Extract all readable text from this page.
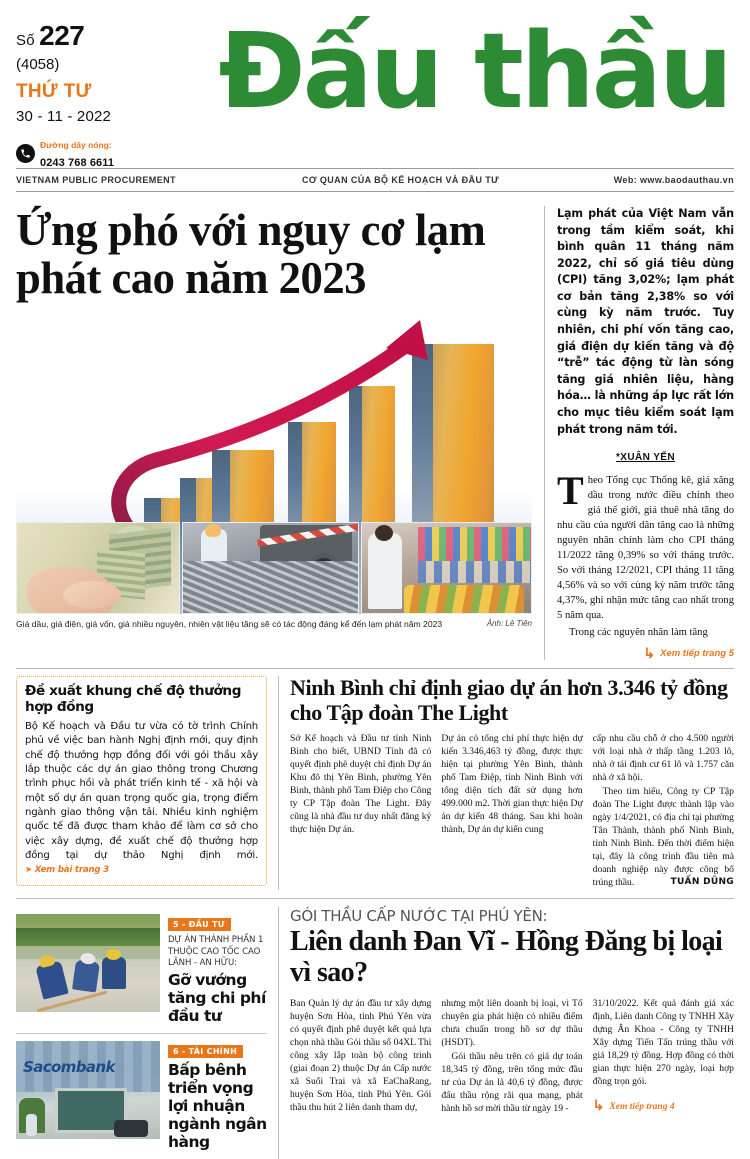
Số 227
(4058)
THỨ TƯ
30 - 11 - 2022
Đường dây nóng:
0243 768 6611
Đấu thầu
VIETNAM PUBLIC PROCUREMENT	CƠ QUAN CỦA BỘ KẾ HOẠCH VÀ ĐẦU TƯ	Web: www.baodauthau.vn
Ứng phó với nguy cơ lạm phát cao năm 2023
Giá dầu, giá điện, giá vốn, giá nhiều nguyên, nhiên vật liệu tăng sẽ có tác động đáng kể đến lạm phát năm 2023	Ảnh: Lê Tiên
Lạm phát của Việt Nam vẫn trong tầm kiểm soát, khi bình quân 11 tháng năm 2022, chỉ số giá tiêu dùng (CPI) tăng 3,02%; lạm phát cơ bản tăng 2,38% so với cùng kỳ năm trước. Tuy nhiên, chi phí vốn tăng cao, giá điện dự kiến tăng và độ “trễ” tác động từ làn sóng tăng giá nhiên liệu, hàng hóa… là những áp lực rất lớn cho mục tiêu kiểm soát lạm phát trong năm tới.
*XUÂN YẾN

Theo Tổng cục Thống kê, giá xăng dầu trong nước điều chỉnh theo giá thế giới, giá thuê nhà tăng do nhu cầu của người dân tăng cao là những nguyên nhân chính làm cho CPI tháng 11/2022 tăng 0,39% so với tháng trước. So với tháng 12/2021, CPI tháng 11 tăng 4,56% và so với cùng kỳ năm trước tăng 4,37%, ghi nhận mức tăng cao nhất trong 5 năm qua.

Trong các nguyên nhân làm tăng

↳ Xem tiếp trang 5
Đề xuất khung chế độ thưởng hợp đồng

Bộ Kế hoạch và Đầu tư vừa có tờ trình Chính phủ về việc ban hành Nghị định mới, quy định chế độ thưởng hợp đồng đối với gói thầu xây lắp thuộc các dự án giao thông trong Chương trình phục hồi và phát triển kinh tế - xã hội và một số dự án quan trọng quốc gia, trọng điểm ngành giao thông vận tải. Nhiều kinh nghiệm quốc tế đã được tham khảo để làm cơ sở cho việc xây dựng, đề xuất chế độ thưởng hợp đồng tại dự thảo Nghị định mới. ➤ Xem bài trang 3

Ninh Bình chỉ định giao dự án hơn 3.346 tỷ đồng cho Tập đoàn The Light

Sở Kế hoạch và Đầu tư tỉnh Ninh Bình cho biết, UBND Tỉnh đã có quyết định phê duyệt chỉ định Dự án Khu đô thị Yên Bình, phường Yên Bình, thành phố Tam Điệp cho Công ty CP Tập đoàn The Light. Đây cũng là nhà đầu tư duy nhất đăng ký thực hiện Dự án.

Dự án có tổng chi phí thực hiện dự kiến 3.346,463 tỷ đồng, được thực hiện tại phường Yên Bình, thành phố Tam Điệp, tỉnh Ninh Bình với tổng diện tích đất sử dụng hơn 499.000 m2. Thời gian thực hiện Dự án dự kiến 48 tháng. Sau khi hoàn thành, Dự án dự kiến cung

cấp nhu cầu chỗ ở cho 4.500 người với loại nhà ở thấp tầng 1.203 lô, nhà ở tái định cư 61 lô và 1.757 căn nhà ở xã hội.

Theo tìm hiểu, Công ty CP Tập đoàn The Light được thành lập vào ngày 1/4/2021, có địa chỉ tại phường Tân Thành, thành phố Ninh Bình, tỉnh Ninh Bình. Đến thời điểm hiện tại, đây là công trình đầu tiên mà doanh nghiệp này được công bố trúng thầu.	TUẤN DŨNG

5 - ĐẦU TƯ
DỰ ÁN THÀNH PHẦN 1 THUỘC CAO TỐC CAO LÃNH - AN HỮU:
Gỡ vướng tăng chi phí đầu tư
Sacombank
6 - TÀI CHÍNH
Bấp bênh triển vọng lợi nhuận ngành ngân hàng
GÓI THẦU CẤP NƯỚC TẠI PHÚ YÊN:
Liên danh Đan Vĩ - Hồng Đăng bị loại vì sao?

Ban Quản lý dự án đầu tư xây dựng huyện Sơn Hòa, tỉnh Phú Yên vừa có quyết định phê duyệt kết quả lựa chọn nhà thầu Gói thầu số 04XL Thi công xây lắp toàn bộ công trình (giai đoạn 2) thuộc Dự án Cấp nước xã Suối Trai và xã EaChaRang, huyện Sơn Hòa, tỉnh Phú Yên. Gói thầu thu hút 2 liên danh tham dự,

nhưng một liên doanh bị loại, vì Tổ chuyên gia phát hiện có nhiều điểm chưa chuẩn trong hồ sơ dự thầu (HSDT).

Gói thầu nêu trên có giá dự toán 18,345 tỷ đồng, trên tổng mức đầu tư của Dự án là 40,6 tỷ đồng, được đấu thầu rộng rãi qua mạng, phát hành hồ sơ mời thầu từ ngày 19 -

31/10/2022. Kết quả đánh giá xác định, Liên danh Công ty TNHH Xây dựng Ân Khoa - Công ty TNHH Xây dựng Tiến Tấn trúng thầu với giá 18,29 tỷ đồng. Hợp đồng có thời gian thực hiện 270 ngày, loại hợp đồng trọn gói.

↳ Xem tiếp trang 4
